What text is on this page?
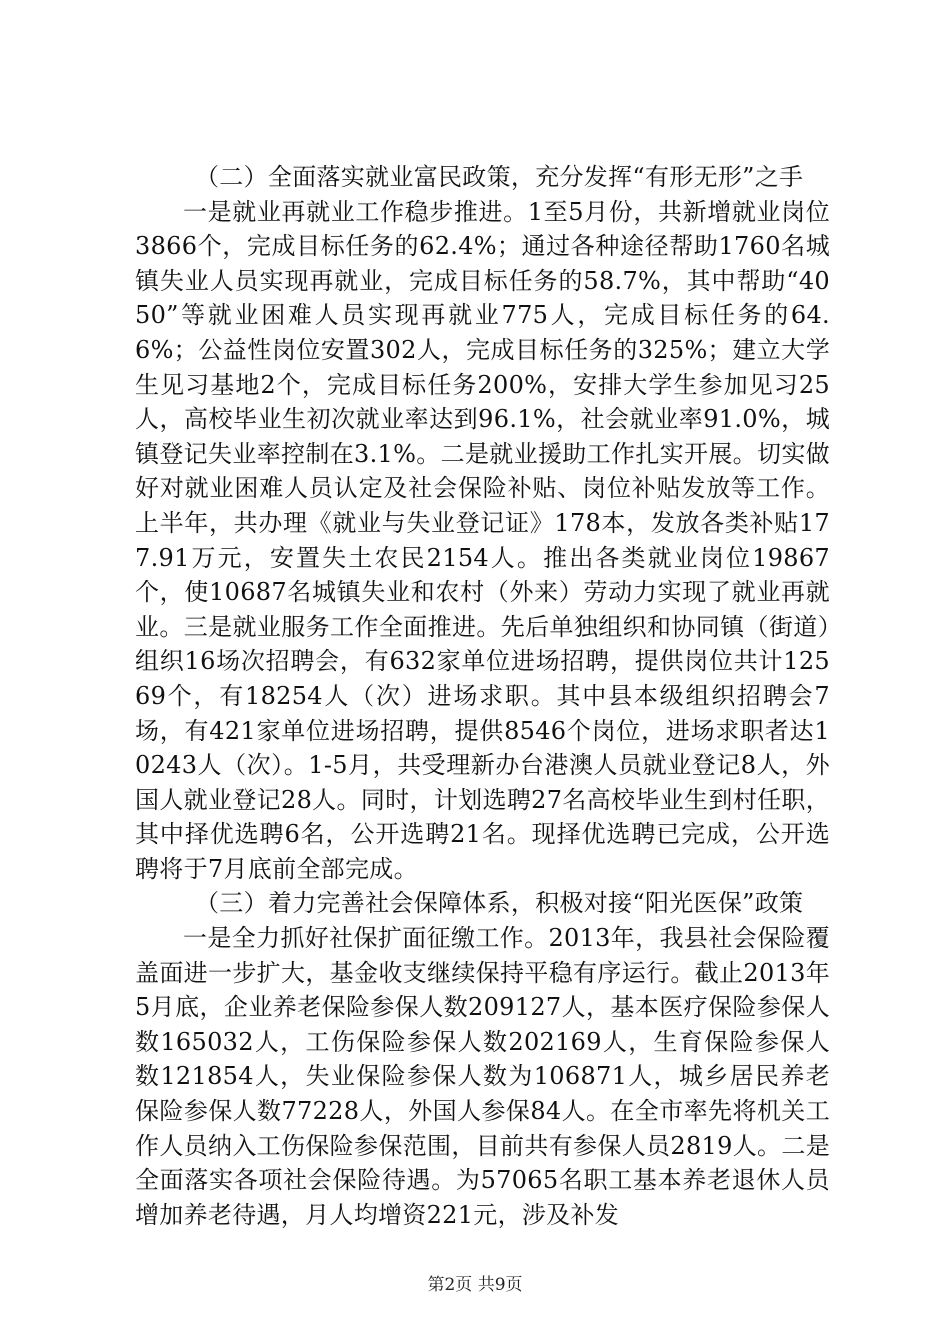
（二）全面落实就业富民政策，充分发挥“有形无形”之手

一是就业再就业工作稳步推进。1至5月份，共新增就业岗位3866个，完成目标任务的62.4%；通过各种途径帮助1760名城镇失业人员实现再就业，完成目标任务的58.7%，其中帮助“4050”等就业困难人员实现再就业775人，完成目标任务的64.6%；公益性岗位安置302人，完成目标任务的325%；建立大学生见习基地2个，完成目标任务200%，安排大学生参加见习25人，高校毕业生初次就业率达到96.1%，社会就业率91.0%，城镇登记失业率控制在3.1%。二是就业援助工作扎实开展。切实做好对就业困难人员认定及社会保险补贴、岗位补贴发放等工作。上半年，共办理《就业与失业登记证》178本，发放各类补贴177.91万元，安置失土农民2154人。推出各类就业岗位19867个，使10687名城镇失业和农村（外来）劳动力实现了就业再就业。三是就业服务工作全面推进。先后单独组织和协同镇（街道）组织16场次招聘会，有632家单位进场招聘，提供岗位共计12569个，有18254人（次）进场求职。其中县本级组织招聘会7场，有421家单位进场招聘，提供8546个岗位，进场求职者达10243人（次）。1-5月，共受理新办台港澳人员就业登记8人，外国人就业登记28人。同时，计划选聘27名高校毕业生到村任职，其中择优选聘6名，公开选聘21名。现择优选聘已完成，公开选聘将于7月底前全部完成。

（三）着力完善社会保障体系，积极对接“阳光医保”政策

一是全力抓好社保扩面征缴工作。2013年，我县社会保险覆盖面进一步扩大，基金收支继续保持平稳有序运行。截止2013年5月底，企业养老保险参保人数209127人，基本医疗保险参保人数165032人，工伤保险参保人数202169人，生育保险参保人数121854人，失业保险参保人数为106871人，城乡居民养老保险参保人数77228人，外国人参保84人。在全市率先将机关工作人员纳入工伤保险参保范围，目前共有参保人员2819人。二是全面落实各项社会保险待遇。为57065名职工基本养老退休人员增加养老待遇，月人均增资221元，涉及补发

第2页 共9页
